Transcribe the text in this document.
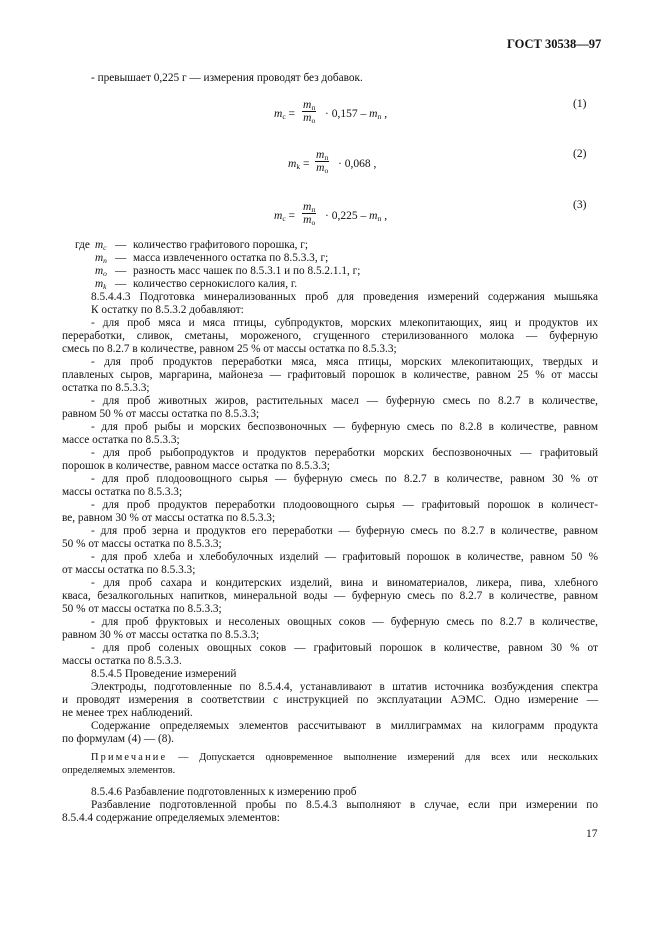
ГОСТ 30538—97
- превышает 0,225 г — измерения проводят без добавок.
$m_c$ =
$m_п$
$m_о$
· $0,157 - m_п$ ,
(1)
$m_k$ =
$m_п$
$m_о$
· 0,068 ,
(2)
$m_c$ =
$m_п$
$m_о$
· $0,225 - m_п$ ,
(3)
где $m_c$ — количество графитового порошка, г;
$m_п$ — масса извлеченного остатка по 8.5.3.3, г;
$m_о$ — разность масс чашек по 8.5.3.1 и по 8.5.2.1.1, г;
$m_k$ — количество сернокислого калия, г.
8.5.4.4.3 Подготовка минерализованных проб для проведения измерений содержания мышьяка
К остатку по 8.5.3.2 добавляют:
- для проб мяса и мяса птицы, субпродуктов, морских млекопитающих, яиц и продуктов их
переработки, сливок, сметаны, мороженого, сгущенного стерилизованного молока — буферную
смесь по 8.2.7 в количестве, равном 25 % от массы остатка по 8.5.3.3;
- для проб продуктов переработки мяса, мяса птицы, морских млекопитающих, твердых и
плавленых сыров, маргарина, майонеза — графитовый порошок в количестве, равном 25 % от массы
остатка по 8.5.3.3;
- для проб животных жиров, растительных масел — буферную смесь по 8.2.7 в количестве,
равном 50 % от массы остатка по 8.5.3.3;
- для проб рыбы и морских беспозвоночных — буферную смесь по 8.2.8 в количестве, равном
массе остатка по 8.5.3.3;
- для проб рыбопродуктов и продуктов переработки морских беспозвоночных — графитовый
порошок в количестве, равном массе остатка по 8.5.3.3;
- для проб плодоовощного сырья — буферную смесь по 8.2.7 в количестве, равном 30 % от
массы остатка по 8.5.3.3;
- для проб продуктов переработки плодоовощного сырья — графитовый порошок в количест-
ве, равном 30 % от массы остатка по 8.5.3.3;
- для проб зерна и продуктов его переработки — буферную смесь по 8.2.7 в количестве, равном
50 % от массы остатка по 8.5.3.3;
- для проб хлеба и хлебобулочных изделий — графитовый порошок в количестве, равном 50 %
от массы остатка по 8.5.3.3;
- для проб сахара и кондитерских изделий, вина и виноматериалов, ликера, пива, хлебного
кваса, безалкогольных напитков, минеральной воды — буферную смесь по 8.2.7 в количестве, равном
50 % от массы остатка по 8.5.3.3;
- для проб фруктовых и несоленых овощных соков — буферную смесь по 8.2.7 в количестве,
равном 30 % от массы остатка по 8.5.3.3;
- для проб соленых овощных соков — графитовый порошок в количестве, равном 30 % от
массы остатка по 8.5.3.3.
8.5.4.5 Проведение измерений
Электроды, подготовленные по 8.5.4.4, устанавливают в штатив источника возбуждения спектра
и проводят измерения в соответствии с инструкцией по эксплуатации АЭМС. Одно измерение —
не менее трех наблюдений.
Содержание определяемых элементов рассчитывают в миллиграммах на килограмм продукта
по формулам (4) — (8).
Примечание — Допускается одновременное выполнение измерений для всех или нескольких
определяемых элементов.
8.5.4.6 Разбавление подготовленных к измерению проб
Разбавление подготовленной пробы по 8.5.4.3 выполняют в случае, если при измерении по
8.5.4.4 содержание определяемых элементов:
17
